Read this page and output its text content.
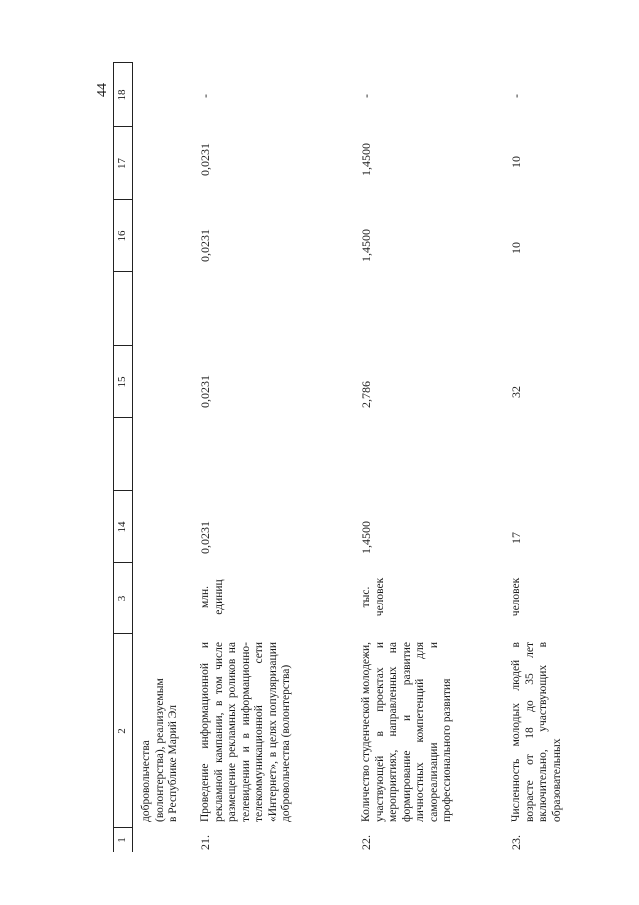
44
1
2
3
14
15
16
17
18
добровольчества (волонтерства), реализуемым в Республике Марий Эл
21.
Проведение информационной и рекламной кампании, в том числе размещение рекламных роликов на телевидении и в информационно-телекоммуникационной сети «Интернет», в целях популяризации добровольчества (волонтерства)
млн. единиц
0,0231
0,0231
0,0231
0,0231
-
22.
Количество студенческой молодежи, участвующей в проектах и мероприятиях, направленных на формирование и развитие личностных компетенций для самореализации и профессионального развития
тыс. человек
1,4500
2,786
1,4500
1,4500
-
23.
Численность молодых людей в возрасте от 18 до 35 лет включительно, участвующих в образовательных
человек
17
32
10
10
-
